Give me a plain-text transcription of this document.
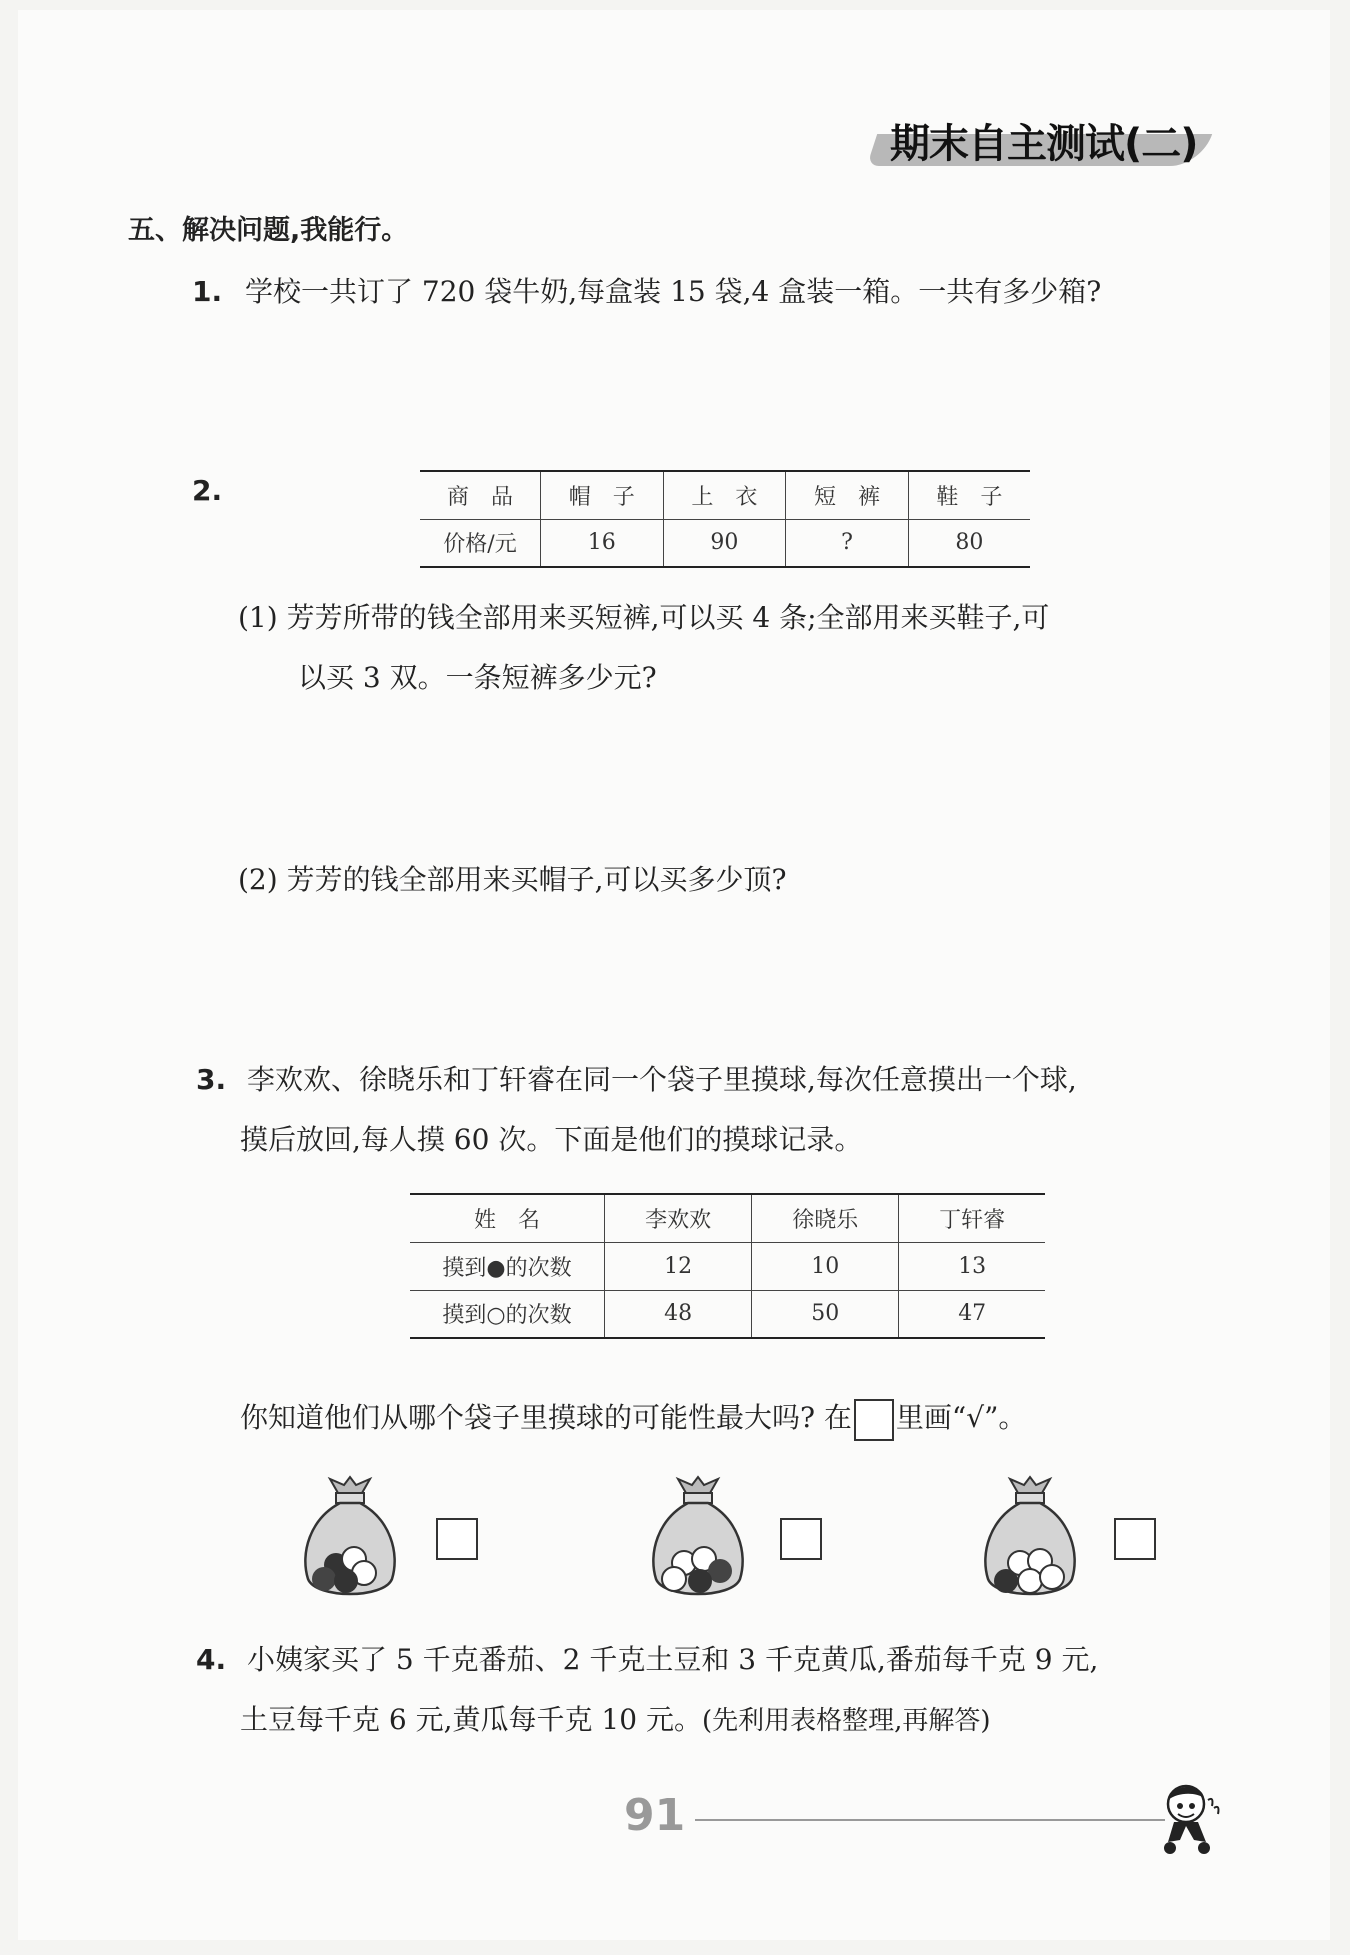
期末自主测试(二)
五、解决问题,我能行。
1. 学校一共订了 720 袋牛奶,每盒装 15 袋,4 盒装一箱。一共有多少箱?
2.	商　品	帽　子	上　衣	短　裤	鞋　子
价格/元	16	90	?	80
(1) 芳芳所带的钱全部用来买短裤,可以买 4 条;全部用来买鞋子,可
以买 3 双。一条短裤多少元?
(2) 芳芳的钱全部用来买帽子,可以买多少顶?
3. 李欢欢、徐晓乐和丁轩睿在同一个袋子里摸球,每次任意摸出一个球,
摸后放回,每人摸 60 次。下面是他们的摸球记录。
姓　名	李欢欢	徐晓乐	丁轩睿
摸到●的次数	12	10	13
摸到○的次数	48	50	47
你知道他们从哪个袋子里摸球的可能性最大吗? 在 里画“√”。
4. 小姨家买了 5 千克番茄、2 千克土豆和 3 千克黄瓜,番茄每千克 9 元,
土豆每千克 6 元,黄瓜每千克 10 元。(先利用表格整理,再解答)
91
